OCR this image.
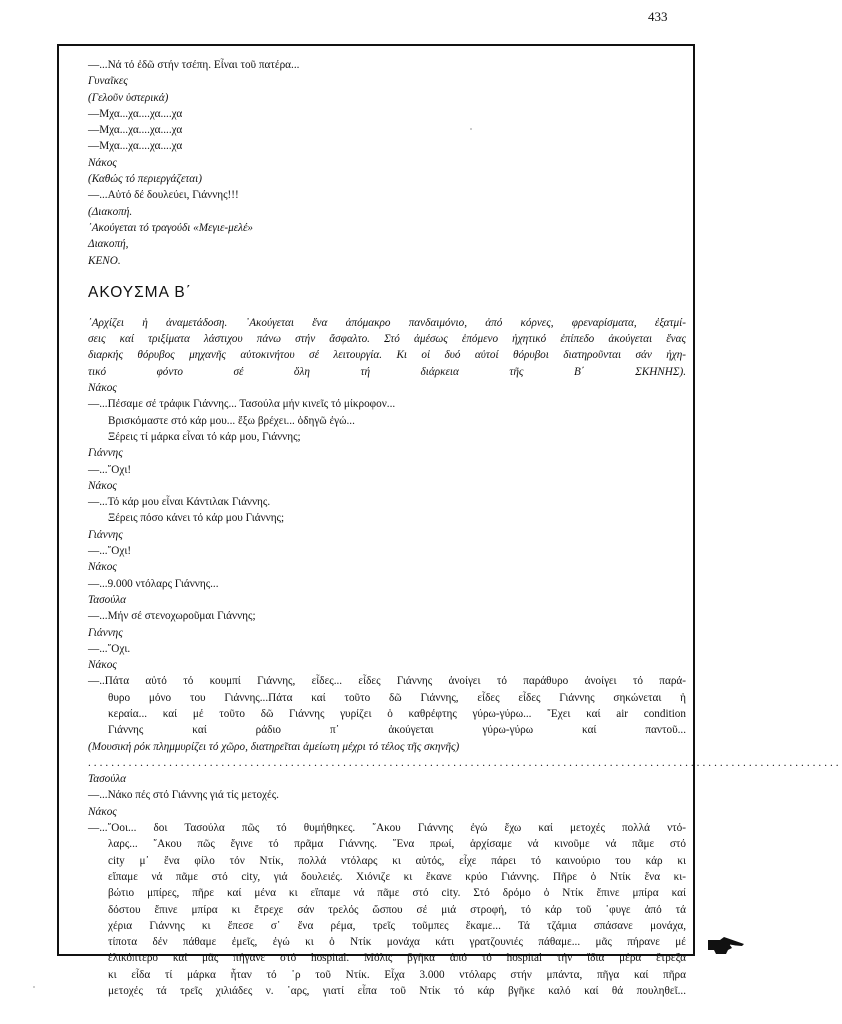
433
—...Νά τό ἐδῶ στήν τσέπη. Εἶναι τοῦ πατέρα...
Γυναῖκες
(Γελοῦν ὑστερικά)
—Μχα...χα....χα....χα
—Μχα...χα....χα....χα
—Μχα...χα....χα....χα
Νάκος
(Καθώς τό περιεργάζεται)
—...Αὐτό δέ δουλεύει, Γιάννης!!!
(Διακοπή.
᾿Ακούγεται τό τραγούδι «Μεγιε-μελέ»
Διακοπή,
ΚΕΝΟ.
ΑΚΟΥΣΜΑ Β΄
᾿Αρχίζει ἡ ἀναμετάδοση. ᾿Ακούγεται ἕνα ἀπόμακρο πανδαιμόνιο, ἀπό κόρνες, φρεναρίσματα, ἐξατμί-
σεις καί τριξίματα λάστιχου πάνω στήν ἄσφαλτο. Στό ἀμέσως ἑπόμενο ἠχητικό ἐπίπεδο ἀκούγεται ἕνας
διαρκής θόρυβος μηχανῆς αὐτοκινήτου σέ λειτουργία. Κι οἱ δυό αὐτοί θόρυβοι διατηροῦνται σάν ἠχη-
τικό φόντο σέ ὅλη τή διάρκεια τῆς Β΄ ΣΚΗΝΗΣ).
Νάκος
—...Πέσαμε σέ τράφικ Γιάννης... Τασούλα μήν κινεῖς τό μίκροφον...
Βρισκόμαστε στό κάρ μου... ἔξω βρέχει... ὁδηγῶ ἐγώ...
Ξέρεις τί μάρκα εἶναι τό κάρ μου, Γιάννης;
Γιάννης
—...῎Οχι!
Νάκος
—...Τό κάρ μου εἶναι Κάντιλακ Γιάννης.
Ξέρεις πόσο κάνει τό κάρ μου Γιάννης;
Γιάννης
—...῎Οχι!
Νάκος
—...9.000 ντόλαρς Γιάννης...
Τασούλα
—...Μήν σέ στενοχωροῦμαι Γιάννης;
Γιάννης
—...῎Οχι.
Νάκος
—..Πάτα αὐτό τό κουμπί Γιάννης, εἶδες... εἶδες Γιάννης ἀνοίγει τό παράθυρο ἀνοίγει τό παρά-
θυρο μόνο του Γιάννης...Πάτα καί τοῦτο δῶ Γιάννης, εἶδες εἶδες Γιάννης σηκώνεται ἡ
κεραία... καί μέ τοῦτο δῶ Γιάννης γυρίζει ὁ καθρέφτης γύρω-γύρω... ῎Εχει καί air condition
Γιάννης καί ράδιο π᾿ ἀκούγεται γύρω-γύρω καί παντοῦ...
(Μουσική ρόκ πλημμυρίζει τό χῶρο, διατηρεῖται ἀμείωτη μέχρι τό τέλος τῆς σκηνῆς)
..................................................................................................................................
Τασούλα
—...Νάκο πές στό Γιάννης γιά τίς μετοχές.
Νάκος
—...῎Οοι... δοι Τασούλα πῶς τό θυμήθηκες. ῎Ακου Γιάννης ἐγώ ἔχω καί μετοχές πολλά ντό-
λαρς... ῎Ακου πῶς ἔγινε τό πρᾶμα Γιάννης. ῞Ενα πρωί, ἀρχίσαμε νά κινοῦμε νά πᾶμε στό
city μ᾿ ἕνα φίλο τόν Ντίκ, πολλά ντόλαρς κι αὐτός, εἶχε πάρει τό καινούριο του κάρ κι
εἴπαμε νά πᾶμε στό city, γιά δουλειές. Χιόνιζε κι ἔκανε κρύο Γιάννης. Πῆρε ὁ Ντίκ ἕνα κι-
βώτιο μπίρες, πῆρε καί μένα κι εἴπαμε νά πᾶμε στό city. Στό δρόμο ὁ Ντίκ ἔπινε μπίρα καί
δόστου ἔπινε μπίρα κι ἔτρεχε σάν τρελός ὥσπου σέ μιά στροφή, τό κάρ τοῦ ῾φυγε ἀπό τά
χέρια Γιάννης κι ἔπεσε σ᾿ ἕνα ρέμα, τρεῖς τοῦμπες ἔκαμε... Τά τζάμια σπάσανε μονάχα,
τίποτα δέν πάθαμε ἐμεῖς, ἐγώ κι ὁ Ντίκ μονάχα κάτι γρατζουνιές πάθαμε... μᾶς πήρανε μέ
ἑλικόπτερο καί μᾶς πήγανε στό hospital. Μόλις βγῆκα ἀπό τό hospital τήν ἴδια μέρα ἔτρεξα
κι εἶδα τί μάρκα ἦταν τό ῾ρ τοῦ Ντίκ. Εἶχα 3.000 ντόλαρς στήν μπάντα, πῆγα καί πῆρα
μετοχές τά τρεῖς χιλιάδες ν. ῾αρς, γιατί εἶπα τοῦ Ντίκ τό κάρ βγῆκε καλό καί θά πουληθεῖ...
